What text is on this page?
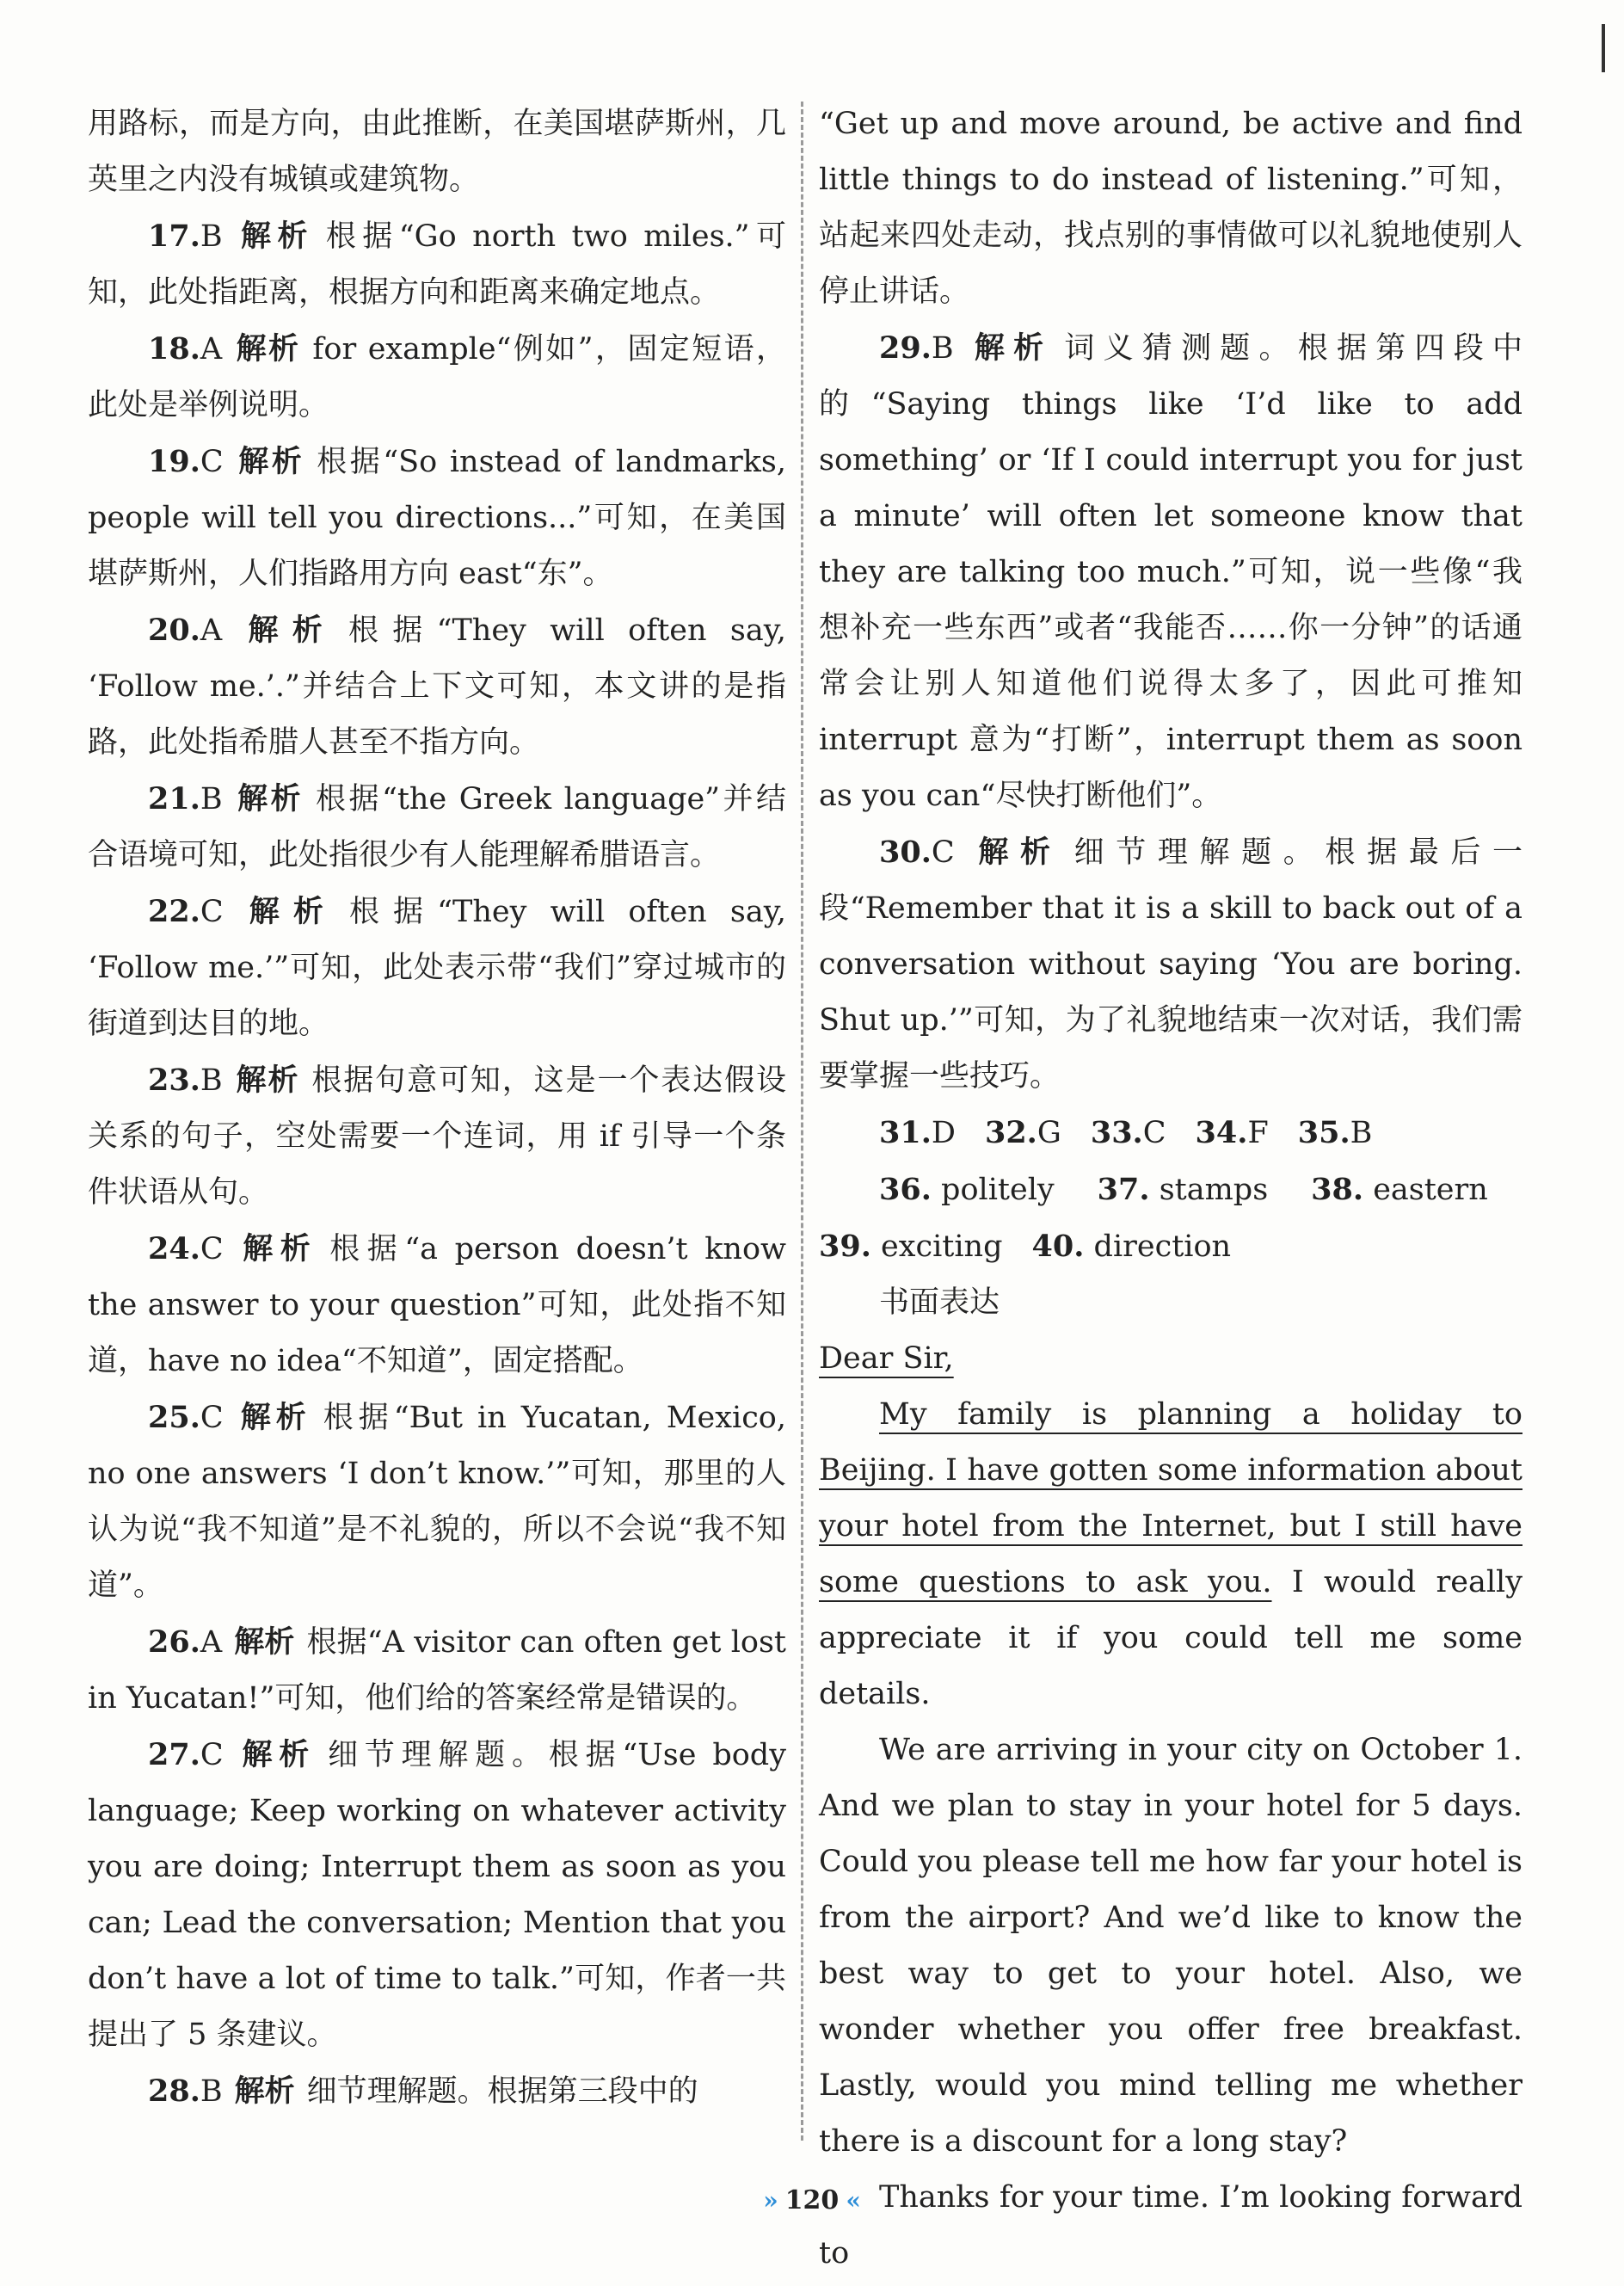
用路标，而是方向，由此推断，在美国堪萨斯州，几英里之内没有城镇或建筑物。

17.B 解析 根据“Go north two miles.”可知，此处指距离，根据方向和距离来确定地点。

18.A 解析 for example“例如”，固定短语，此处是举例说明。

19.C 解析 根据“So instead of landmarks, people will tell you directions...”可知，在美国堪萨斯州，人们指路用方向 east“东”。

20.A 解析 根据“They will often say, ‘Follow me.’.”并结合上下文可知，本文讲的是指路，此处指希腊人甚至不指方向。

21.B 解析 根据“the Greek language”并结合语境可知，此处指很少有人能理解希腊语言。

22.C 解析 根据“They will often say, ‘Follow me.’”可知，此处表示带“我们”穿过城市的街道到达目的地。

23.B 解析 根据句意可知，这是一个表达假设关系的句子，空处需要一个连词，用 if 引导一个条件状语从句。

24.C 解析 根据“a person doesn’t know the answer to your question”可知，此处指不知道，have no idea“不知道”，固定搭配。

25.C 解析 根据“But in Yucatan, Mexico, no one answers ‘I don’t know.’”可知，那里的人认为说“我不知道”是不礼貌的，所以不会说“我不知道”。

26.A 解析 根据“A visitor can often get lost in Yucatan!”可知，他们给的答案经常是错误的。

27.C 解析 细节理解题。根据“Use body language; Keep working on whatever activity you are doing; Interrupt them as soon as you can; Lead the conversation; Mention that you don’t have a lot of time to talk.”可知，作者一共提出了 5 条建议。

28.B 解析 细节理解题。根据第三段中的

“Get up and move around, be active and find little things to do instead of listening.”可知，站起来四处走动，找点别的事情做可以礼貌地使别人停止讲话。

29.B 解析 词义猜测题。根据第四段中的“Saying things like ‘I’d like to add something’ or ‘If I could interrupt you for just a minute’ will often let someone know that they are talking too much.”可知，说一些像“我想补充一些东西”或者“我能否……你一分钟”的话通常会让别人知道他们说得太多了，因此可推知 interrupt 意为“打断”，interrupt them as soon as you can“尽快打断他们”。

30.C 解析 细节理解题。根据最后一段“Remember that it is a skill to back out of a conversation without saying ‘You are boring. Shut up.’”可知，为了礼貌地结束一次对话，我们需要掌握一些技巧。

31.D 32.G 33.C 34.F 35.B
36. politely 37. stamps 38. eastern
39. exciting 40. direction

书面表达

Dear Sir,

My family is planning a holiday to Beijing. I have gotten some information about your hotel from the Internet, but I still have some questions to ask you. I would really appreciate it if you could tell me some details.

We are arriving in your city on October 1. And we plan to stay in your hotel for 5 days. Could you please tell me how far your hotel is from the airport? And we’d like to know the best way to get to your hotel. Also, we wonder whether you offer free breakfast. Lastly, would you mind telling me whether there is a discount for a long stay?

Thanks for your time. I’m looking forward to

» 120 «
